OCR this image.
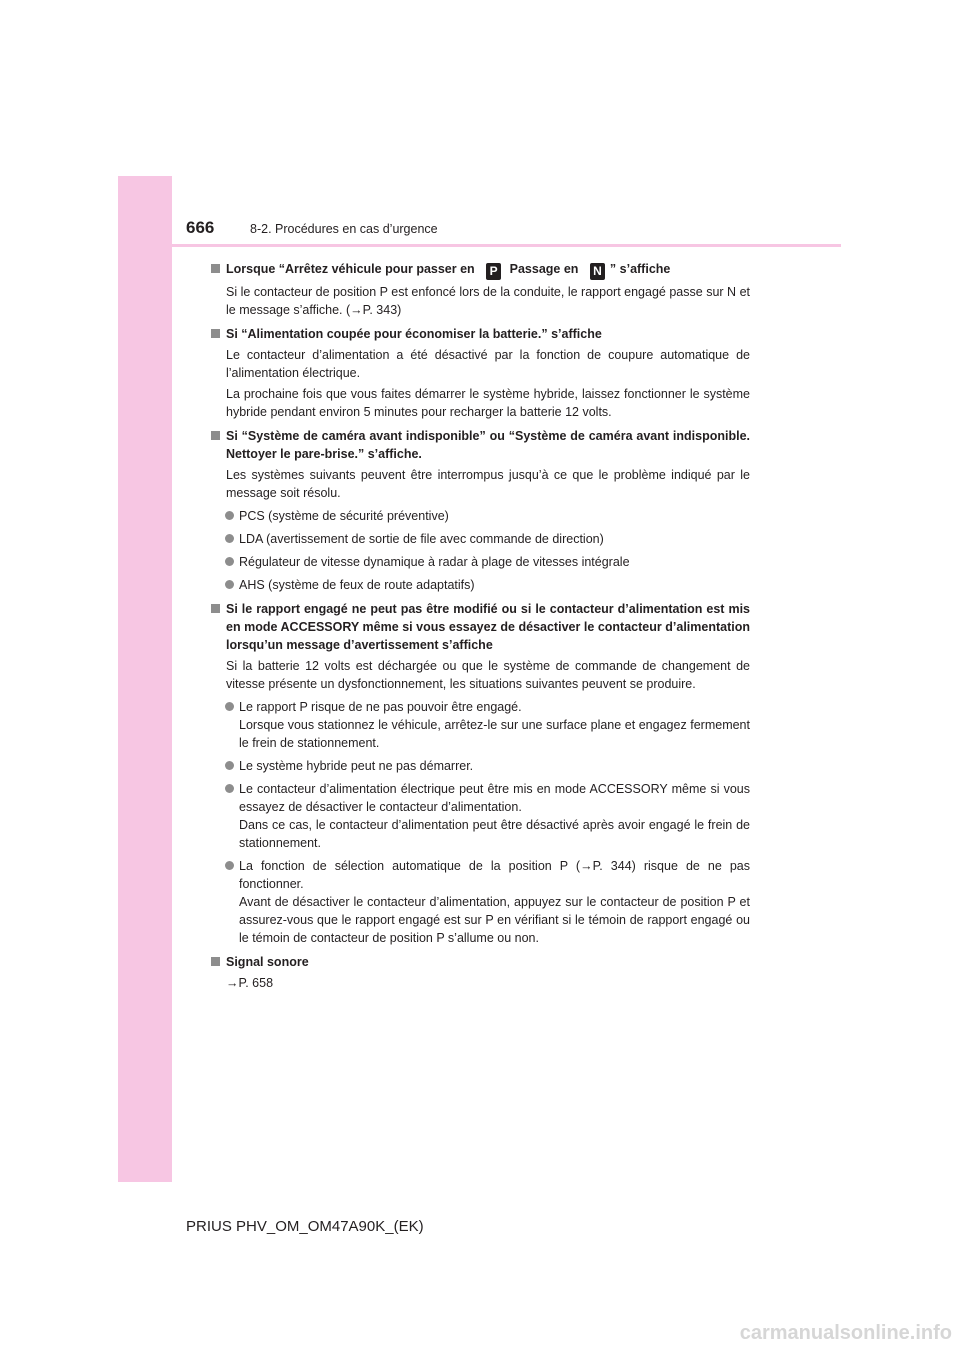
666	8-2. Procédures en cas d’urgence
Lorsque “Arrêtez véhicule pour passer en P Passage en N ” s’affiche
Si le contacteur de position P est enfoncé lors de la conduite, le rapport engagé passe sur N et le message s’affiche. (→P. 343)
Si “Alimentation coupée pour économiser la batterie.” s’affiche
Le contacteur d’alimentation a été désactivé par la fonction de coupure automatique de l’alimentation électrique.
La prochaine fois que vous faites démarrer le système hybride, laissez fonctionner le système hybride pendant environ 5 minutes pour recharger la batterie 12 volts.
Si “Système de caméra avant indisponible” ou “Système de caméra avant indisponible. Nettoyer le pare-brise.” s’affiche.
Les systèmes suivants peuvent être interrompus jusqu’à ce que le problème indiqué par le message soit résolu.
PCS (système de sécurité préventive)
LDA (avertissement de sortie de file avec commande de direction)
Régulateur de vitesse dynamique à radar à plage de vitesses intégrale
AHS (système de feux de route adaptatifs)
Si le rapport engagé ne peut pas être modifié ou si le contacteur d’alimentation est mis en mode ACCESSORY même si vous essayez de désactiver le contacteur d’alimentation lorsqu’un message d’avertissement s’affiche
Si la batterie 12 volts est déchargée ou que le système de commande de changement de vitesse présente un dysfonctionnement, les situations suivantes peuvent se produire.
Le rapport P risque de ne pas pouvoir être engagé.
Lorsque vous stationnez le véhicule, arrêtez-le sur une surface plane et engagez fermement le frein de stationnement.
Le système hybride peut ne pas démarrer.
Le contacteur d’alimentation électrique peut être mis en mode ACCESSORY même si vous essayez de désactiver le contacteur d’alimentation.
Dans ce cas, le contacteur d’alimentation peut être désactivé après avoir engagé le frein de stationnement.
La fonction de sélection automatique de la position P (→P. 344) risque de ne pas fonctionner.
Avant de désactiver le contacteur d’alimentation, appuyez sur le contacteur de position P et assurez-vous que le rapport engagé est sur P en vérifiant si le témoin de rapport engagé ou le témoin de contacteur de position P s’allume ou non.
Signal sonore
→P. 658
PRIUS PHV_OM_OM47A90K_(EK)
carmanualsonline.info
